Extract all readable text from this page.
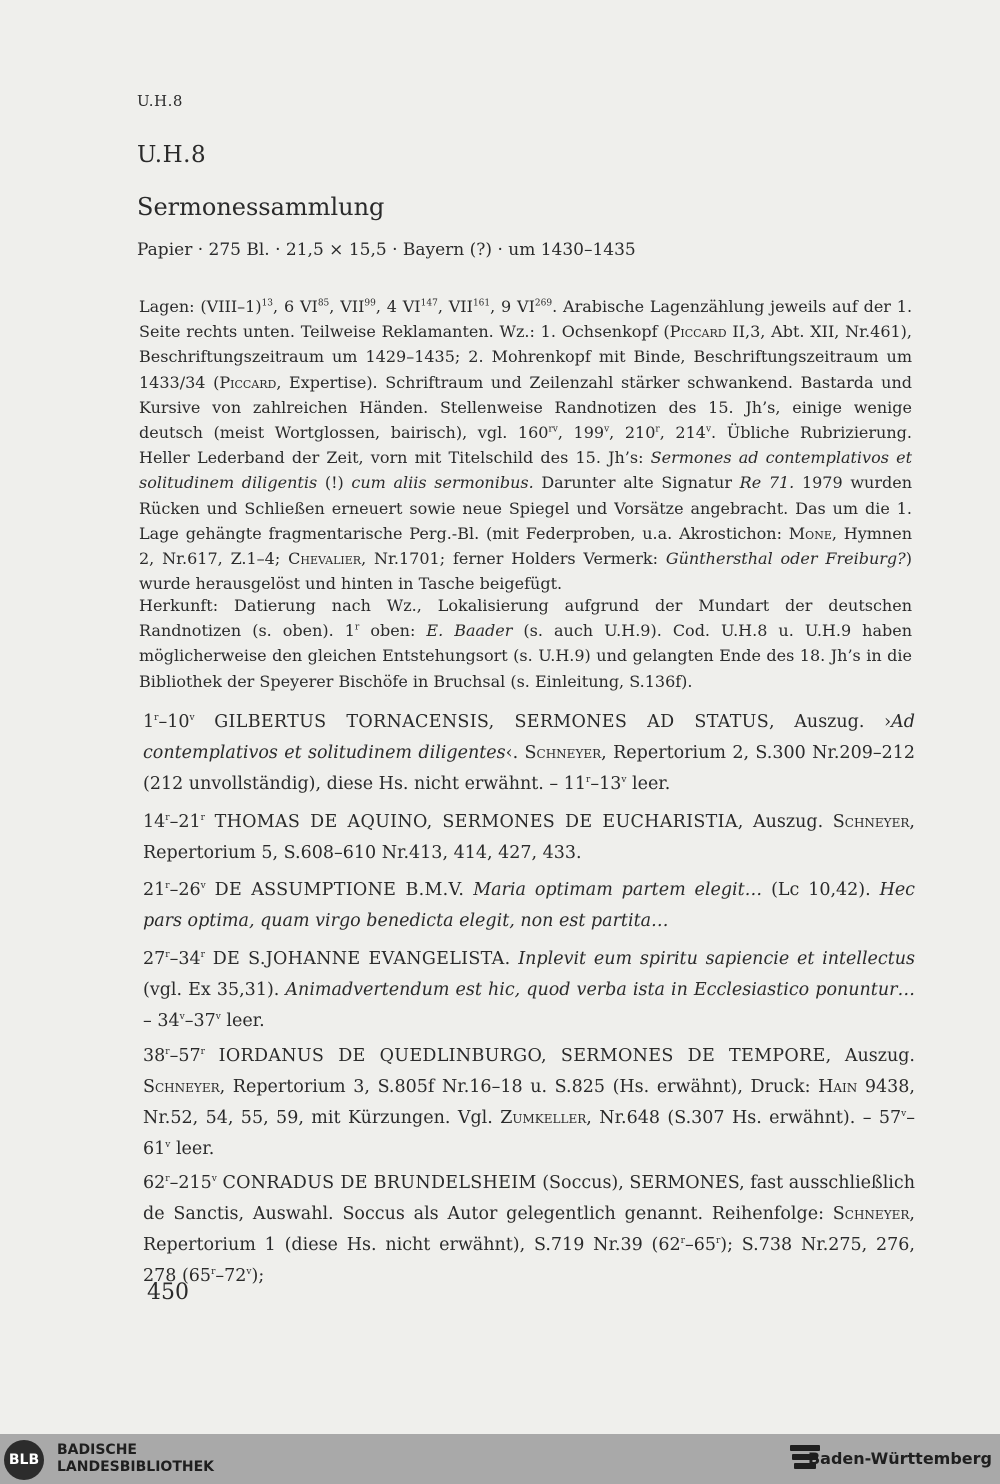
U.H.8
U.H.8
Sermonessammlung
Papier · 275 Bl. · 21,5 × 15,5 · Bayern (?) · um 1430–1435
Lagen: (VIII–1)$^{13}$, 6 VI$^{85}$, VII$^{99}$, 4 VI$^{147}$, VII$^{161}$, 9 VI$^{269}$. Arabische Lagenzählung jeweils auf der 1. Seite rechts unten. Teilweise Reklamanten. Wz.: 1. Ochsenkopf (Piccard II,3, Abt. XII, Nr.461), Beschriftungszeitraum um 1429–1435; 2. Mohrenkopf mit Binde, Beschriftungszeitraum um 1433/34 (Piccard, Expertise). Schriftraum und Zeilenzahl stärker schwankend. Bastarda und Kursive von zahlreichen Händen. Stellenweise Randnotizen des 15. Jh’s, einige wenige deutsch (meist Wortglossen, bairisch), vgl. $160^{rv}$, 199$^v$, 210$^r$, 214$^v$. Übliche Rubrizierung. Heller Lederband der Zeit, vorn mit Titelschild des 15. Jh’s: Sermones ad contemplativos et solitudinem diligentis (!) cum aliis sermonibus. Darunter alte Signatur Re 71. 1979 wurden Rücken und Schließen erneuert sowie neue Spiegel und Vorsätze angebracht. Das um die 1. Lage gehängte fragmentarische Perg.-Bl. (mit Federproben, u.a. Akrostichon: Mone, Hymnen 2, Nr.617, Z.1–4; Chevalier, Nr.1701; ferner Holders Vermerk: Günthersthal oder Freiburg?) wurde herausgelöst und hinten in Tasche beigefügt.
Herkunft: Datierung nach Wz., Lokalisierung aufgrund der Mundart der deutschen Randnotizen (s. oben). 1$^r$ oben: E. Baader (s. auch U.H.9). Cod. U.H.8 u. U.H.9 haben möglicherweise den gleichen Entstehungsort (s. U.H.9) und gelangten Ende des 18. Jh’s in die Bibliothek der Speyerer Bischöfe in Bruchsal (s. Einleitung, S.136f).
1$^r$–10$^v$ GILBERTUS TORNACENSIS, SERMONES AD STATUS, Auszug. ›Ad contemplativos et solitudinem diligentes‹. Schneyer, Repertorium 2, S.300 Nr.209–212 (212 unvollständig), diese Hs. nicht erwähnt. – 11$^r$–13$^v$ leer.
14$^r$–21$^r$ THOMAS DE AQUINO, SERMONES DE EUCHARISTIA, Auszug. Schneyer, Repertorium 5, S.608–610 Nr.413, 414, 427, 433.
21$^r$–26$^v$ DE ASSUMPTIONE B.M.V. Maria optimam partem elegit… (Lc 10,42). Hec pars optima, quam virgo benedicta elegit, non est partita…
27$^r$–34$^r$ DE S.JOHANNE EVANGELISTA. Inplevit eum spiritu sapiencie et intellectus (vgl. Ex 35,31). Animadvertendum est hic, quod verba ista in Ecclesiastico ponuntur… – 34$^v$–37$^v$ leer.
38$^r$–57$^r$ IORDANUS DE QUEDLINBURGO, SERMONES DE TEMPORE, Auszug. Schneyer, Repertorium 3, S.805f Nr.16–18 u. S.825 (Hs. erwähnt), Druck: Hain 9438, Nr.52, 54, 55, 59, mit Kürzungen. Vgl. Zumkeller, Nr.648 (S.307 Hs. erwähnt). – 57$^v$–61$^v$ leer.
62$^r$–215$^v$ CONRADUS DE BRUNDELSHEIM (Soccus), SERMONES, fast ausschließlich de Sanctis, Auswahl. Soccus als Autor gelegentlich genannt. Reihenfolge: Schneyer, Repertorium 1 (diese Hs. nicht erwähnt), S.719 Nr.39 (62$^r$–65$^r$); S.738 Nr.275, 276, 278 (65$^r$–72$^v$);
450
BLB
BADISCHE
LANDESBIBLIOTHEK	Baden-Württemberg
